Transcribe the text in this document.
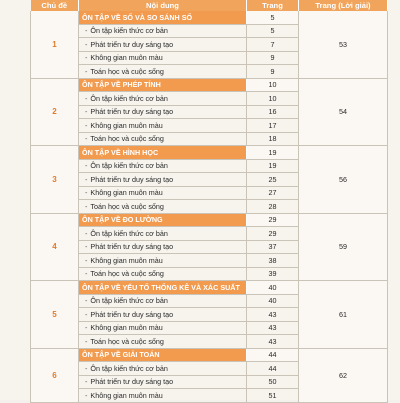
Chủ đề	Nội dung	Trang	Trang (Lời giải)
1	ÔN TẬP VỀ SỐ VÀ SO SÁNH SỐ	5	53
	- Ôn tập kiến thức cơ bản	5	
	- Phát triển tư duy sáng tạo	7	
	- Không gian muôn màu	9	
	- Toán học và cuộc sống	9	
2	ÔN TẬP VỀ PHÉP TÍNH	10	54
	- Ôn tập kiến thức cơ bản	10	
	- Phát triển tư duy sáng tạo	16	
	- Không gian muôn màu	17	
	- Toán học và cuộc sống	18	
3	ÔN TẬP VỀ HÌNH HỌC	19	56
	- Ôn tập kiến thức cơ bản	19	
	- Phát triển tư duy sáng tạo	25	
	- Không gian muôn màu	27	
	- Toán học và cuộc sống	28	
4	ÔN TẬP VỀ ĐO LƯỜNG	29	59
	- Ôn tập kiến thức cơ bản	29	
	- Phát triển tư duy sáng tạo	37	
	- Không gian muôn màu	38	
	- Toán học và cuộc sống	39	
5	ÔN TẬP VỀ YẾU TỐ THỐNG KÊ VÀ XÁC SUẤT	40	61
	- Ôn tập kiến thức cơ bản	40	
	- Phát triển tư duy sáng tạo	43	
	- Không gian muôn màu	43	
	- Toán học và cuộc sống	43	
6	ÔN TẬP VỀ GIẢI TOÁN	44	62
	- Ôn tập kiến thức cơ bản	44	
	- Phát triển tư duy sáng tạo	50	
	- Không gian muôn màu	51	
